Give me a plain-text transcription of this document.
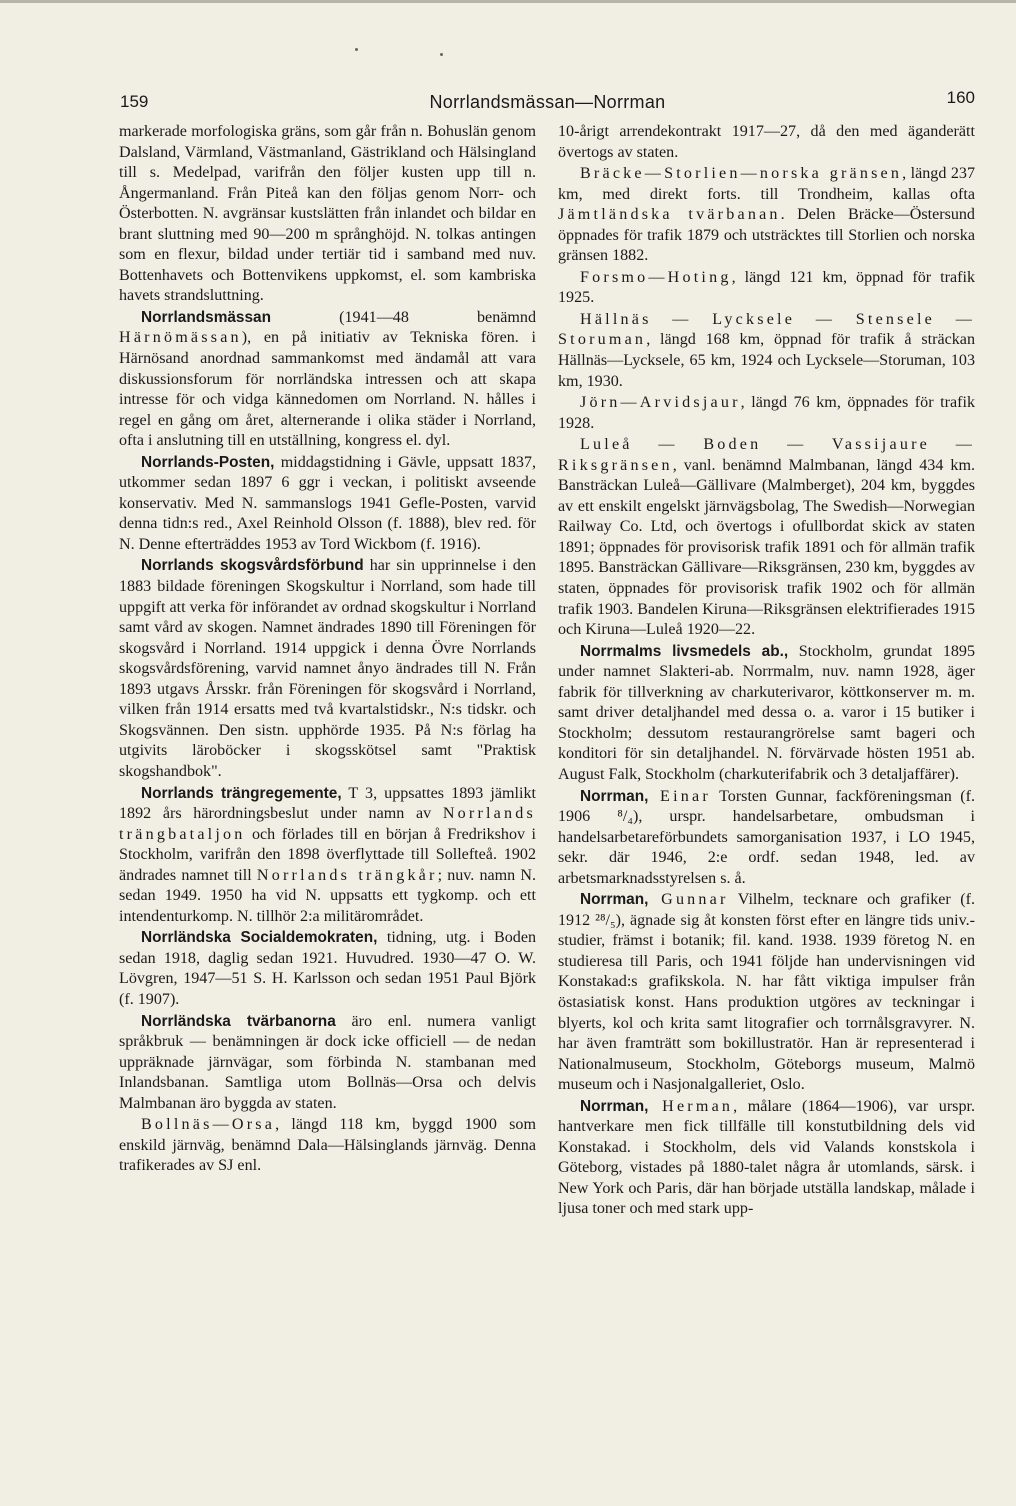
159	Norrlandsmässan—Norrman	160

markerade morfologiska gräns, som går från n. Bohuslän genom Dalsland, Värmland, Västmanland, Gästrikland och Hälsingland till s. Medelpad, varifrån den följer kusten upp till n. Ångermanland. Från Piteå kan den följas genom Norr- och Österbotten. N. avgränsar kustslätten från inlandet och bildar en brant sluttning med 90—200 m språnghöjd. N. tolkas antingen som en flexur, bildad under tertiär tid i samband med nuv. Bottenhavets och Bottenvikens uppkomst, el. som kambriska havets strandsluttning.

Norrlandsmässan (1941—48 benämnd Härnömässan), en på initiativ av Tekniska fören. i Härnösand anordnad sammankomst med ändamål att vara diskussionsforum för norrländska intressen och att skapa intresse för och vidga kännedomen om Norrland. N. hålles i regel en gång om året, alternerande i olika städer i Norrland, ofta i anslutning till en utställning, kongress el. dyl.

Norrlands-Posten, middagstidning i Gävle, uppsatt 1837, utkommer sedan 1897 6 ggr i veckan, i politiskt avseende konservativ. Med N. sammanslogs 1941 Gefle-Posten, varvid denna tidn:s red., Axel Reinhold Olsson (f. 1888), blev red. för N. Denne efterträddes 1953 av Tord Wickbom (f. 1916).

Norrlands skogsvårdsförbund har sin upprinnelse i den 1883 bildade föreningen Skogskultur i Norrland, som hade till uppgift att verka för införandet av ordnad skogskultur i Norrland samt vård av skogen. Namnet ändrades 1890 till Föreningen för skogsvård i Norrland. 1914 uppgick i denna Övre Norrlands skogsvårdsförening, varvid namnet ånyo ändrades till N. Från 1893 utgavs Årsskr. från Föreningen för skogsvård i Norrland, vilken från 1914 ersatts med två kvartalstidskr., N:s tidskr. och Skogsvännen. Den sistn. upphörde 1935. På N:s förlag ha utgivits läroböcker i skogsskötsel samt "Praktisk skogshandbok".

Norrlands trängregemente, T 3, uppsattes 1893 jämlikt 1892 års härordningsbeslut under namn av Norrlands trängbataljon och förlades till en början å Fredrikshov i Stockholm, varifrån den 1898 överflyttade till Sollefteå. 1902 ändrades namnet till Norrlands trängkår; nuv. namn N. sedan 1949. 1950 ha vid N. uppsatts ett tygkomp. och ett intendenturkomp. N. tillhör 2:a militärområdet.

Norrländska Socialdemokraten, tidning, utg. i Boden sedan 1918, daglig sedan 1921. Huvudred. 1930—47 O. W. Lövgren, 1947—51 S. H. Karlsson och sedan 1951 Paul Björk (f. 1907).

Norrländska tvärbanorna äro enl. numera vanligt språkbruk — benämningen är dock icke officiell — de nedan uppräknade järnvägar, som förbinda N. stambanan med Inlandsbanan. Samtliga utom Bollnäs—Orsa och delvis Malmbanan äro byggda av staten.

Bollnäs—Orsa, längd 118 km, byggd 1900 som enskild järnväg, benämnd Dala—Hälsinglands järnväg. Denna trafikerades av SJ enl.

10-årigt arrendekontrakt 1917—27, då den med äganderätt övertogs av staten.

Bräcke—Storlien—norska gränsen, längd 237 km, med direkt forts. till Trondheim, kallas ofta Jämtländska tvärbanan. Delen Bräcke—Östersund öppnades för trafik 1879 och utsträcktes till Storlien och norska gränsen 1882.

Forsmo—Hoting, längd 121 km, öppnad för trafik 1925.

Hällnäs — Lycksele — Stensele — Storuman, längd 168 km, öppnad för trafik å sträckan Hällnäs—Lycksele, 65 km, 1924 och Lycksele—Storuman, 103 km, 1930.

Jörn—Arvidsjaur, längd 76 km, öppnades för trafik 1928.

Luleå — Boden — Vassijaure — Riksgränsen, vanl. benämnd Malmbanan, längd 434 km. Bansträckan Luleå—Gällivare (Malmberget), 204 km, byggdes av ett enskilt engelskt järnvägsbolag, The Swedish—Norwegian Railway Co. Ltd, och övertogs i ofullbordat skick av staten 1891; öppnades för provisorisk trafik 1891 och för allmän trafik 1895. Bansträckan Gällivare—Riksgränsen, 230 km, byggdes av staten, öppnades för provisorisk trafik 1902 och för allmän trafik 1903. Bandelen Kiruna—Riksgränsen elektrifierades 1915 och Kiruna—Luleå 1920—22.

Norrmalms livsmedels ab., Stockholm, grundat 1895 under namnet Slakteri-ab. Norrmalm, nuv. namn 1928, äger fabrik för tillverkning av charkuterivaror, köttkonserver m. m. samt driver detaljhandel med dessa o. a. varor i 15 butiker i Stockholm; dessutom restaurangrörelse samt bageri och konditori för sin detaljhandel. N. förvärvade hösten 1951 ab. August Falk, Stockholm (charkuterifabrik och 3 detaljaffärer).

Norrman, Einar Torsten Gunnar, fackföreningsman (f. 1906 ⁸/₄), urspr. handelsarbetare, ombudsman i handelsarbetareförbundets samorganisation 1937, i LO 1945, sekr. där 1946, 2:e ordf. sedan 1948, led. av arbetsmarknadsstyrelsen s. å.

Norrman, Gunnar Vilhelm, tecknare och grafiker (f. 1912 ²⁸/₅), ägnade sig åt konsten först efter en längre tids univ.-studier, främst i botanik; fil. kand. 1938. 1939 företog N. en studieresa till Paris, och 1941 följde han undervisningen vid Konstakad:s grafikskola. N. har fått viktiga impulser från östasiatisk konst. Hans produktion utgöres av teckningar i blyerts, kol och krita samt litografier och torrnålsgravyrer. N. har även framträtt som bokillustratör. Han är representerad i Nationalmuseum, Stockholm, Göteborgs museum, Malmö museum och i Nasjonalgalleriet, Oslo.

Norrman, Herman, målare (1864—1906), var urspr. hantverkare men fick tillfälle till konstutbildning dels vid Konstakad. i Stockholm, dels vid Valands konstskola i Göteborg, vistades på 1880-talet några år utomlands, särsk. i New York och Paris, där han började utställa landskap, målade i ljusa toner och med stark upp-
